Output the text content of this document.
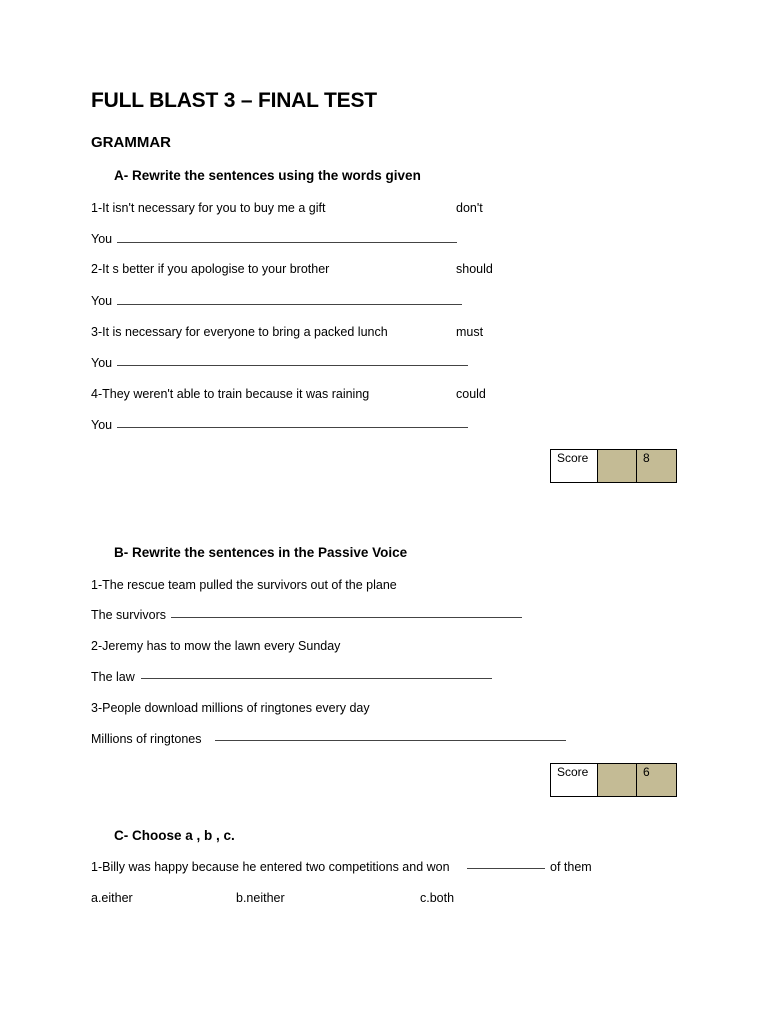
FULL BLAST 3 – FINAL TEST
GRAMMAR
A- Rewrite the sentences using the words given
1-It isn't necessary for you to buy me a gift	don't
You
2-It s better if you apologise to your brother	should
You
3-It is necessary for everyone to bring a packed lunch	must
You
4-They weren't able to train because it was raining	could
You
Score	8
B- Rewrite the sentences in the Passive Voice
1-The rescue team pulled the survivors out of the plane
The survivors
2-Jeremy has to mow the lawn every Sunday
The law
3-People download millions of ringtones every day
Millions of ringtones
Score	6
C- Choose a , b , c.
1-Billy was happy because he entered two competitions and won	of them
a.either	b.neither	c.both
